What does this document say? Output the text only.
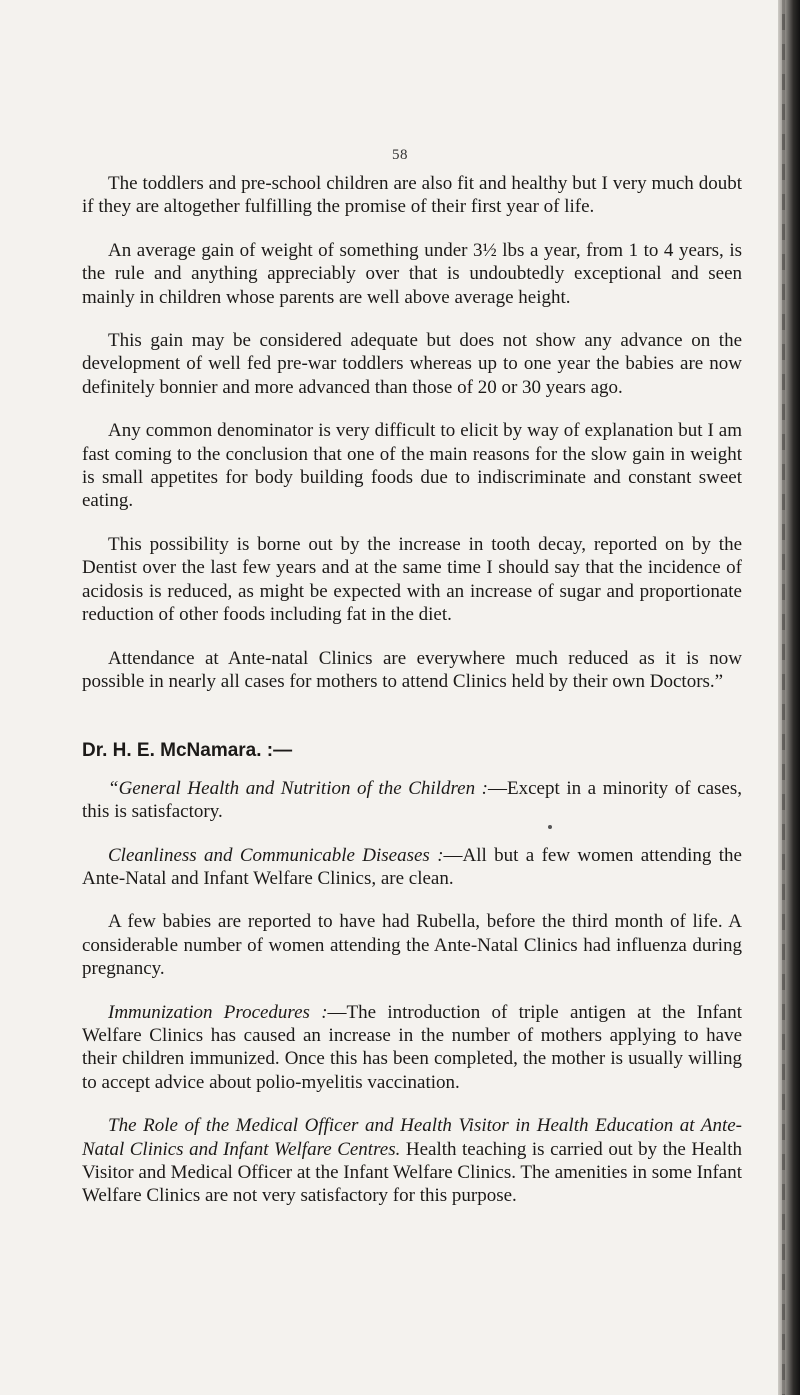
58

The toddlers and pre-school children are also fit and healthy but I very much doubt if they are altogether fulfilling the promise of their first year of life.

An average gain of weight of something under 3½ lbs a year, from 1 to 4 years, is the rule and anything appreciably over that is undoubtedly exceptional and seen mainly in children whose parents are well above average height.

This gain may be considered adequate but does not show any advance on the development of well fed pre-war toddlers whereas up to one year the babies are now definitely bonnier and more advanced than those of 20 or 30 years ago.

Any common denominator is very difficult to elicit by way of explanation but I am fast coming to the conclusion that one of the main reasons for the slow gain in weight is small appetites for body building foods due to indiscriminate and constant sweet eating.

This possibility is borne out by the increase in tooth decay, reported on by the Dentist over the last few years and at the same time I should say that the incidence of acidosis is reduced, as might be expected with an increase of sugar and proportionate reduction of other foods including fat in the diet.

Attendance at Ante-natal Clinics are everywhere much reduced as it is now possible in nearly all cases for mothers to attend Clinics held by their own Doctors.”

Dr. H. E. McNamara. :—

“General Health and Nutrition of the Children :—Except in a minority of cases, this is satisfactory.

Cleanliness and Communicable Diseases :—All but a few women attending the Ante-Natal and Infant Welfare Clinics, are clean.

A few babies are reported to have had Rubella, before the third month of life. A considerable number of women attending the Ante-Natal Clinics had influenza during pregnancy.

Immunization Procedures :—The introduction of triple antigen at the Infant Welfare Clinics has caused an increase in the number of mothers applying to have their children immunized. Once this has been completed, the mother is usually willing to accept advice about polio-myelitis vaccination.

The Role of the Medical Officer and Health Visitor in Health Education at Ante-Natal Clinics and Infant Welfare Centres. Health teaching is carried out by the Health Visitor and Medical Officer at the Infant Welfare Clinics. The amenities in some Infant Welfare Clinics are not very satisfactory for this purpose.
